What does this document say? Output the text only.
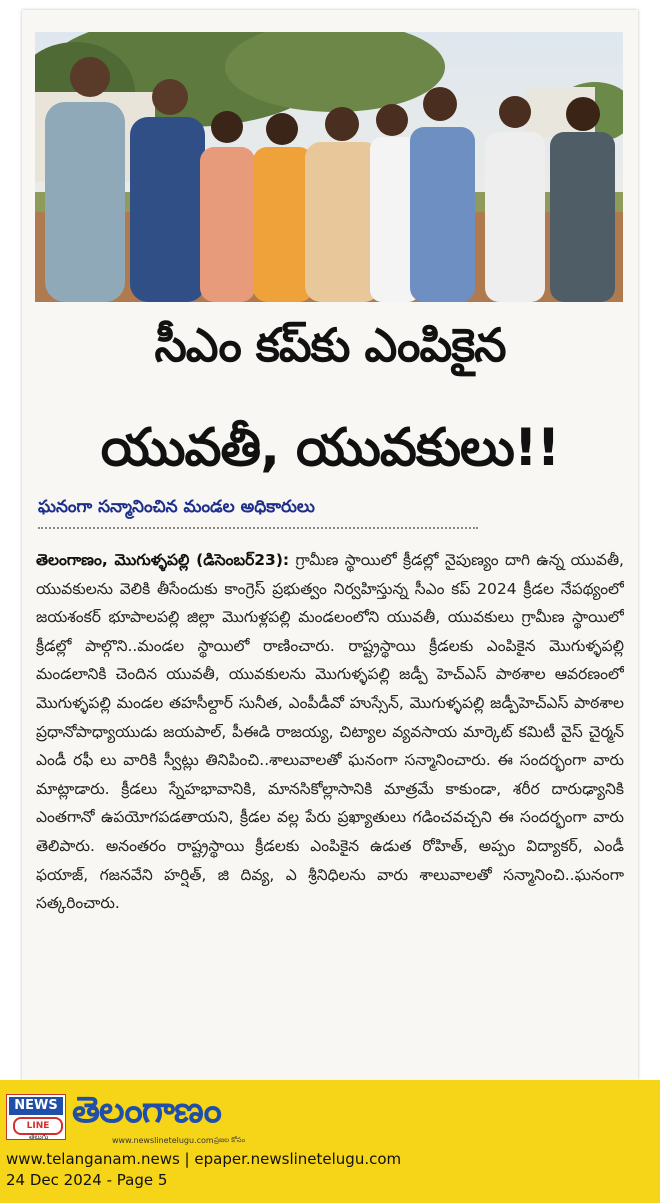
సీఎం కప్‌కు ఎంపికైన
యువతీ, యువకులు!!
ఘనంగా సన్మానించిన మండల అధికారులు

తెలంగాణం, మొగుళ్ళపల్లి (డిసెంబర్23): గ్రామీణ స్థాయిలో క్రీడల్లో నైపుణ్యం దాగి ఉన్న యువతీ, యువకులను వెలికి తీసేందుకు కాంగ్రెస్ ప్రభుత్వం నిర్వహిస్తున్న సీఎం కప్ 2024 క్రీడల నేపథ్యంలో జయశంకర్ భూపాలపల్లి జిల్లా మొగుళ్లపల్లి మండలంలోని యువతీ, యువకులు గ్రామీణ స్థాయిలో క్రీడల్లో పాల్గొని..మండల స్థాయిలో రాణించారు. రాష్ట్రస్థాయి క్రీడలకు ఎంపికైన మొగుళ్ళపల్లి మండలానికి చెందిన యువతీ, యువకులను మొగుళ్ళపల్లి జడ్పీ హెచ్ఎస్ పాఠశాల ఆవరణంలో మొగుళ్ళపల్లి మండల తహసీల్దార్ సునీత, ఎంపీడీవో హుస్సేన్, మొగుళ్ళపల్లి జడ్పీహెచ్ఎస్ పాఠశాల ప్రధానోపాధ్యాయుడు జయపాల్, పీఈడి రాజయ్య, చిట్యాల వ్యవసాయ మార్కెట్ కమిటీ వైస్ చైర్మన్ ఎండీ రఫీ లు వారికి స్వీట్లు తినిపించి..శాలువాలతో ఘనంగా సన్మానించారు. ఈ సందర్భంగా వారు మాట్లాడారు. క్రీడలు స్నేహభావానికి, మానసికోల్లాసానికి మాత్రమే కాకుండా, శరీర దారుఢ్యానికి ఎంతగానో ఉపయోగపడతాయని, క్రీడల వల్ల పేరు ప్రఖ్యాతులు గడించవచ్చని ఈ సందర్భంగా వారు తెలిపారు. అనంతరం రాష్ట్రస్థాయి క్రీడలకు ఎంపికైన ఉడుత రోహిత్, అప్పం విద్యాకర్, ఎండీ ఫయాజ్, గజనవేని హర్షిత్, జి దివ్య, ఎ శ్రీనిధిలను వారు శాలువాలతో సన్మానించి..ఘనంగా సత్కరించారు.

NEWS
LINE
తెలుగు
తెలంగాణం
www.newslinetelugu.com ప్రజల కోసం
www.telanganam.news | epaper.newslinetelugu.com
24 Dec 2024 - Page 5
